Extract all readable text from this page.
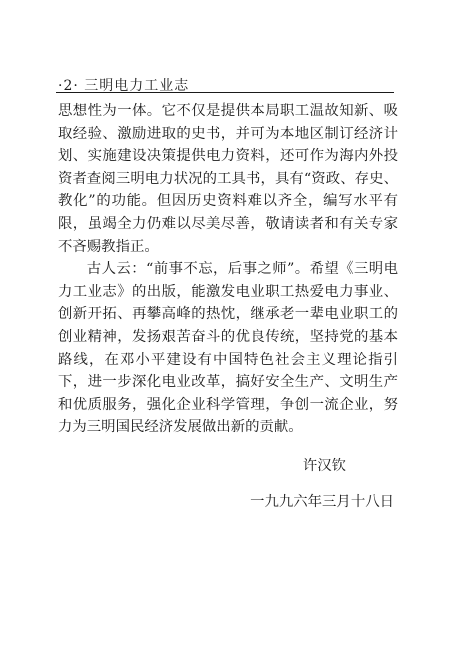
·2· 三明电力工业志

思想性为一体。它不仅是提供本局职工温故知新、吸取经验、激励进取的史书，并可为本地区制订经济计划、实施建设决策提供电力资料，还可作为海内外投资者查阅三明电力状况的工具书，具有“资政、存史、教化”的功能。但因历史资料难以齐全，编写水平有限，虽竭全力仍难以尽美尽善，敬请读者和有关专家不吝赐教指正。

古人云：“前事不忘，后事之师”。希望《三明电力工业志》的出版，能激发电业职工热爱电力事业、创新开拓、再攀高峰的热忱，继承老一辈电业职工的创业精神，发扬艰苦奋斗的优良传统，坚持党的基本路线，在邓小平建设有中国特色社会主义理论指引下，进一步深化电业改革，搞好安全生产、文明生产和优质服务，强化企业科学管理，争创一流企业，努力为三明国民经济发展做出新的贡献。

许汉钦
一九九六年三月十八日
